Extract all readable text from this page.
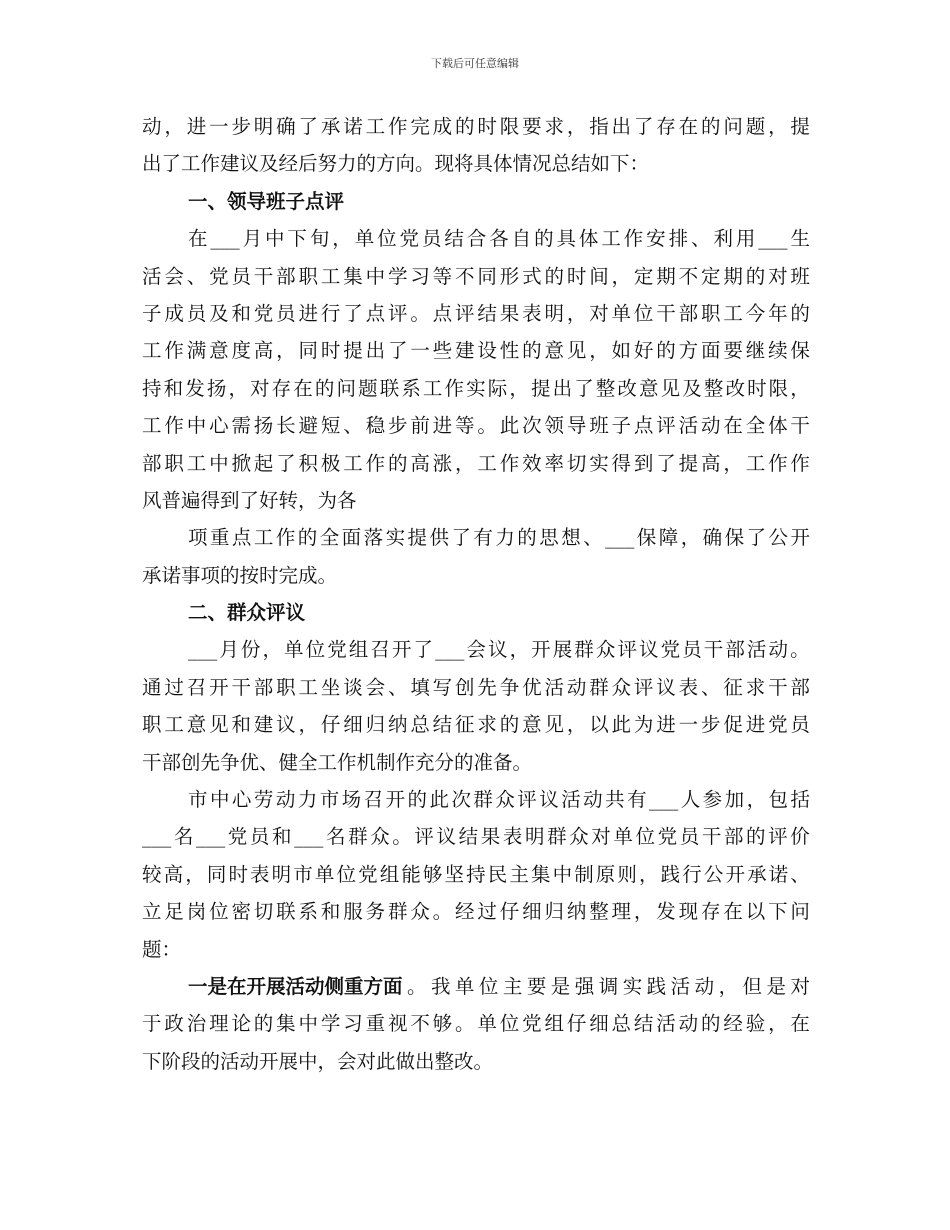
下载后可任意编辑
动 ， 进 一 步 明 确 了 承 诺 工 作 完 成 的 时 限 要 求 ， 指 出 了 存 在 的 问 题 ， 提
出了工作建议及经后努力的方向。现将具体情况总结如下：
一、领导班子点评
在 ___ 月 中 下 旬 ， 单 位 党 员 结 合 各 自 的 具 体 工 作 安 排 、 利 用 ___ 生
活 会 、 党 员 干 部 职 工 集 中 学 习 等 不 同 形 式 的 时 间 ， 定 期 不 定 期 的 对 班
子 成 员 及 和 党 员 进 行 了 点 评 。 点 评 结 果 表 明 ， 对 单 位 干 部 职 工 今 年 的
工 作 满 意 度 高 ， 同 时 提 出 了 一 些 建 设 性 的 意 见 ， 如 好 的 方 面 要 继 续 保
持 和 发 扬 ， 对 存 在 的 问 题 联 系 工 作 实 际 ， 提 出 了 整 改 意 见 及 整 改 时 限 ，
工 作 中 心 需 扬 长 避 短 、 稳 步 前 进 等 。 此 次 领 导 班 子 点 评 活 动 在 全 体 干
部 职 工 中 掀 起 了 积 极 工 作 的 高 涨 ， 工 作 效 率 切 实 得 到 了 提 高 ， 工 作 作
风普遍得到了好转，为各
项 重 点 工 作 的 全 面 落 实 提 供 了 有 力 的 思 想 、 ___ 保 障 ， 确 保 了 公 开
承诺事项的按时完成。
二、群众评议
___ 月 份 ， 单 位 党 组 召 开 了 ___ 会 议 ， 开 展 群 众 评 议 党 员 干 部 活 动 。
通 过 召 开 干 部 职 工 坐 谈 会 、 填 写 创 先 争 优 活 动 群 众 评 议 表 、 征 求 干 部
职 工 意 见 和 建 议 ， 仔 细 归 纳 总 结 征 求 的 意 见 ， 以 此 为 进 一 步 促 进 党 员
干部创先争优、健全工作机制作充分的准备。
市 中 心 劳 动 力 市 场 召 开 的 此 次 群 众 评 议 活 动 共 有 ___ 人 参 加 ， 包 括
___ 名 ___ 党 员 和 ___ 名 群 众 。 评 议 结 果 表 明 群 众 对 单 位 党 员 干 部 的 评 价
较 高 ， 同 时 表 明 市 单 位 党 组 能 够 坚 持 民 主 集 中 制 原 则 ， 践 行 公 开 承 诺 、
立 足 岗 位 密 切 联 系 和 服 务 群 众 。 经 过 仔 细 归 纳 整 理 ， 发 现 存 在 以 下 问
题：
一是在开展活动侧重方面 。 我 单 位 主 要 是 强 调 实 践 活 动 ， 但 是 对
于 政 治 理 论 的 集 中 学 习 重 视 不 够 。 单 位 党 组 仔 细 总 结 活 动 的 经 验 ， 在
下阶段的活动开展中，会对此做出整改。
